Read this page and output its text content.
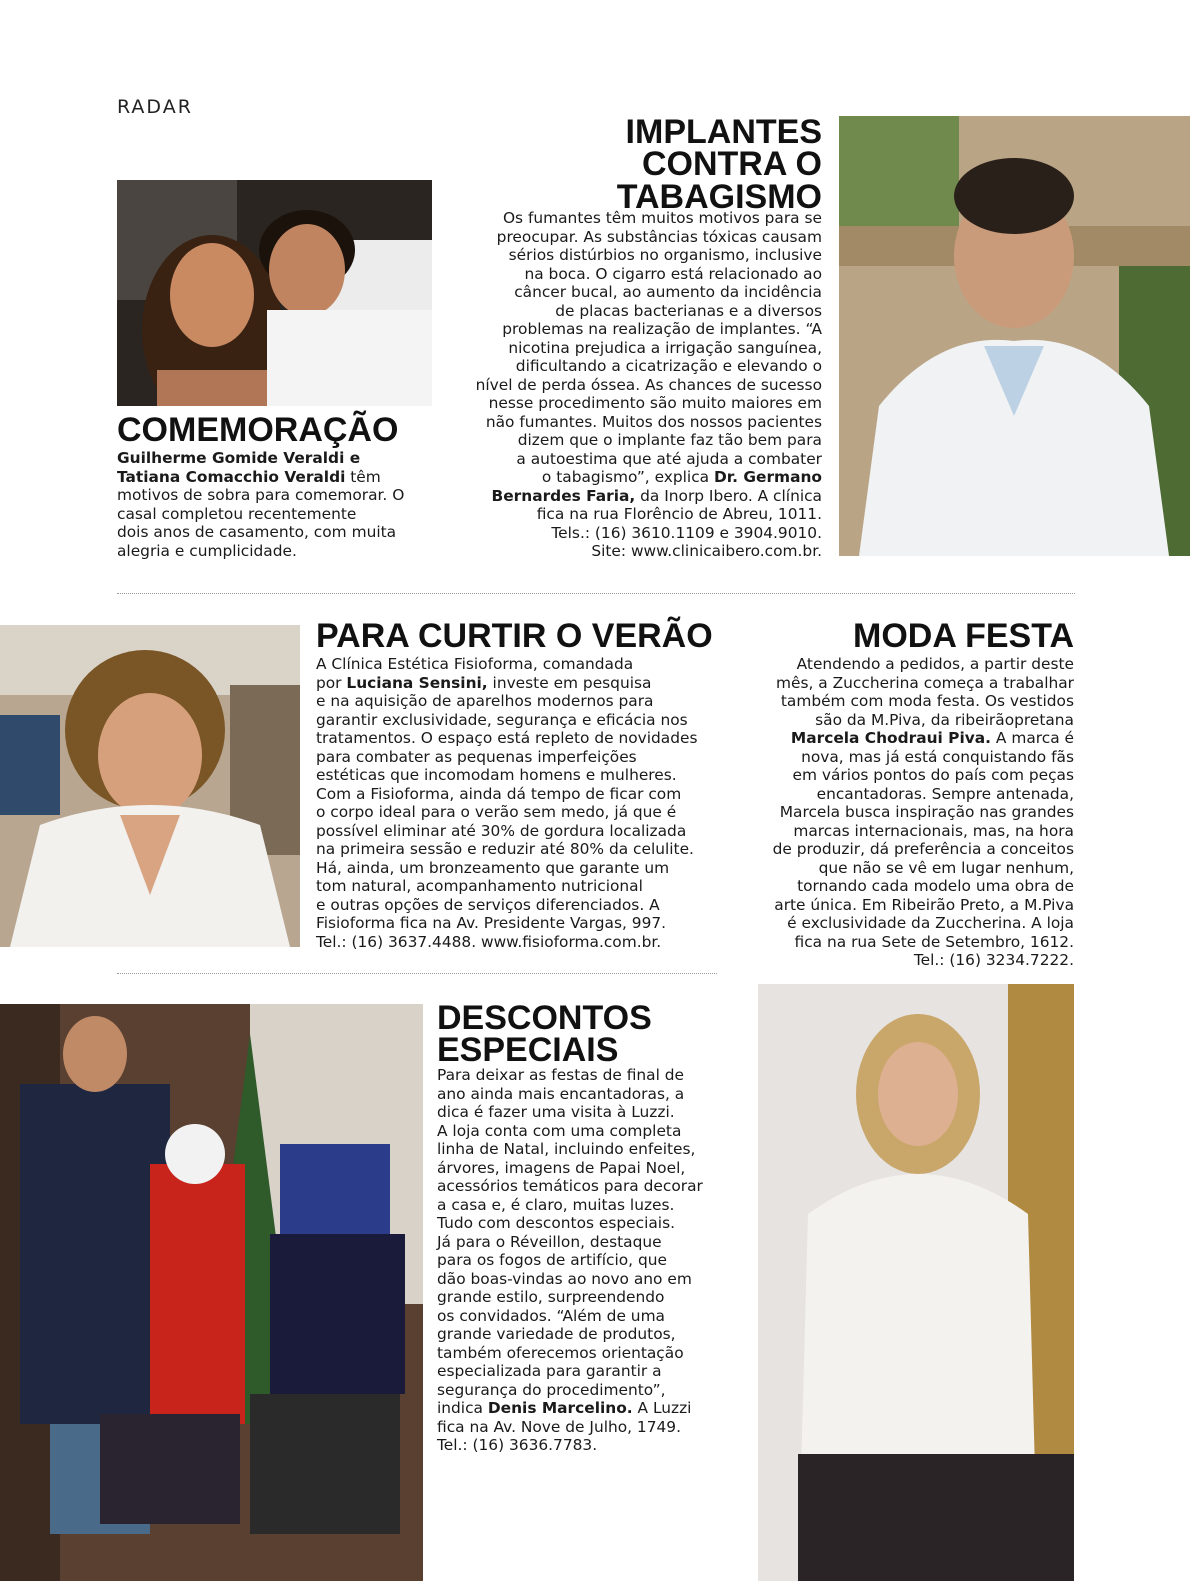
RADAR
COMEMORAÇÃO

Guilherme Gomide Veraldi e
Tatiana Comacchio Veraldi têm
motivos de sobra para comemorar. O
casal completou recentemente
dois anos de casamento, com muita
alegria e cumplicidade.

IMPLANTES
CONTRA O
TABAGISMO

Os fumantes têm muitos motivos para se
preocupar. As substâncias tóxicas causam
sérios distúrbios no organismo, inclusive
na boca. O cigarro está relacionado ao
câncer bucal, ao aumento da incidência
de placas bacterianas e a diversos
problemas na realização de implantes. “A
nicotina prejudica a irrigação sanguínea,
dificultando a cicatrização e elevando o
nível de perda óssea. As chances de sucesso
nesse procedimento são muito maiores em
não fumantes. Muitos dos nossos pacientes
dizem que o implante faz tão bem para
a autoestima que até ajuda a combater
o tabagismo”, explica Dr. Germano
Bernardes Faria, da Inorp Ibero. A clínica
fica na rua Florêncio de Abreu, 1011.
Tels.: (16) 3610.1109 e 3904.9010.
Site: www.clinicaibero.com.br.

PARA CURTIR O VERÃO

A Clínica Estética Fisioforma, comandada
por Luciana Sensini, investe em pesquisa
e na aquisição de aparelhos modernos para
garantir exclusividade, segurança e eficácia nos
tratamentos. O espaço está repleto de novidades
para combater as pequenas imperfeições
estéticas que incomodam homens e mulheres.
Com a Fisioforma, ainda dá tempo de ficar com
o corpo ideal para o verão sem medo, já que é
possível eliminar até 30% de gordura localizada
na primeira sessão e reduzir até 80% da celulite.
Há, ainda, um bronzeamento que garante um
tom natural, acompanhamento nutricional
e outras opções de serviços diferenciados. A
Fisioforma fica na Av. Presidente Vargas, 997.
Tel.: (16) 3637.4488. www.fisioforma.com.br.

MODA FESTA

Atendendo a pedidos, a partir deste
mês, a Zuccherina começa a trabalhar
também com moda festa. Os vestidos
são da M.Piva, da ribeirãopretana
Marcela Chodraui Piva. A marca é
nova, mas já está conquistando fãs
em vários pontos do país com peças
encantadoras. Sempre antenada,
Marcela busca inspiração nas grandes
marcas internacionais, mas, na hora
de produzir, dá preferência a conceitos
que não se vê em lugar nenhum,
tornando cada modelo uma obra de
arte única. Em Ribeirão Preto, a M.Piva
é exclusividade da Zuccherina. A loja
fica na rua Sete de Setembro, 1612.
Tel.: (16) 3234.7222.

DESCONTOS
ESPECIAIS

Para deixar as festas de final de
ano ainda mais encantadoras, a
dica é fazer uma visita à Luzzi.
A loja conta com uma completa
linha de Natal, incluindo enfeites,
árvores, imagens de Papai Noel,
acessórios temáticos para decorar
a casa e, é claro, muitas luzes.
Tudo com descontos especiais.
Já para o Réveillon, destaque
para os fogos de artifício, que
dão boas-vindas ao novo ano em
grande estilo, surpreendendo
os convidados. “Além de uma
grande variedade de produtos,
também oferecemos orientação
especializada para garantir a
segurança do procedimento”,
indica Denis Marcelino. A Luzzi
fica na Av. Nove de Julho, 1749.
Tel.: (16) 3636.7783.
